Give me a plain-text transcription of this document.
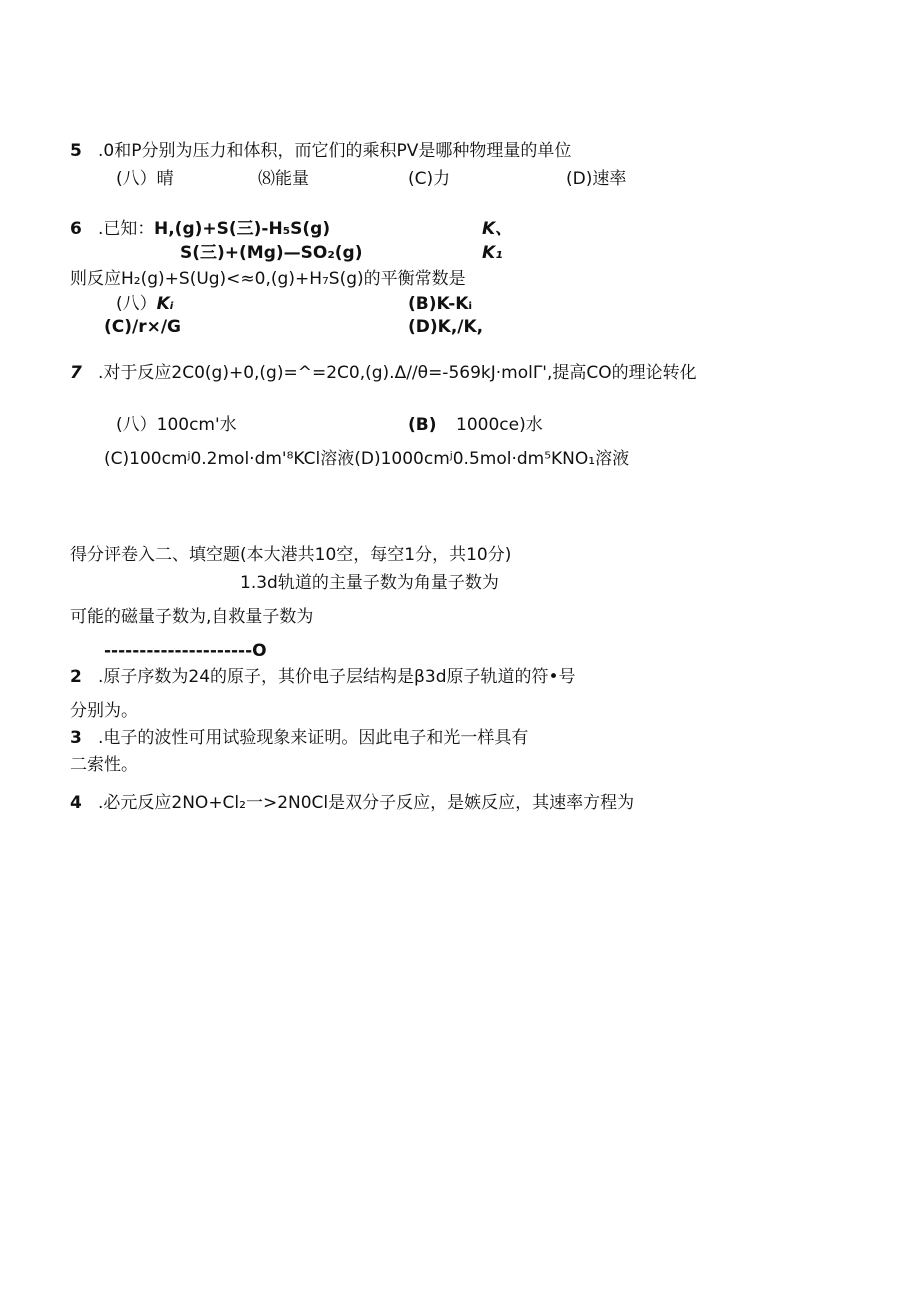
5 .0和P分别为压力和体积，而它们的乘积PV是哪种物理量的单位
(八）晴	⑻能量	(C)力	(D)速率
6 .已知： H,(g)+S(三)-H₅S(g)	K、
S(三)+(Mg)—SO₂(g)	K₁
则反应H₂(g)+S(Ug)<≈0,(g)+H₇S(g)的平衡常数是
(八）Kᵢ	(B)K-Kᵢ
(C)/r×/G	(D)K,/K,
7 .对于反应2C0(g)+0,(g)=^=2C0,(g).Δ//θ=-569kJ·molΓ',提高CO的理论转化
(八）100cm'水	(B) 1000ce)水
(C)100cmʲ0.2mol·dm'⁸KCl溶液(D)1000cmʲ0.5mol·dm⁵KNO₁溶液
得分评卷入二、填空题(本大港共10空，每空1分，共10分)
1.3d轨道的主量子数为角量子数为
可能的磁量子数为,自救量子数为
---------------------O
2 .原子序数为24的原子，其价电子层结构是β3d原子轨道的符•号
分别为。
3 .电子的波性可用试验现象来证明。因此电子和光一样具有
二索性。
4 .必元反应2NO+Cl₂一>2N0Cl是双分子反应，是嫉反应，其速率方程为
